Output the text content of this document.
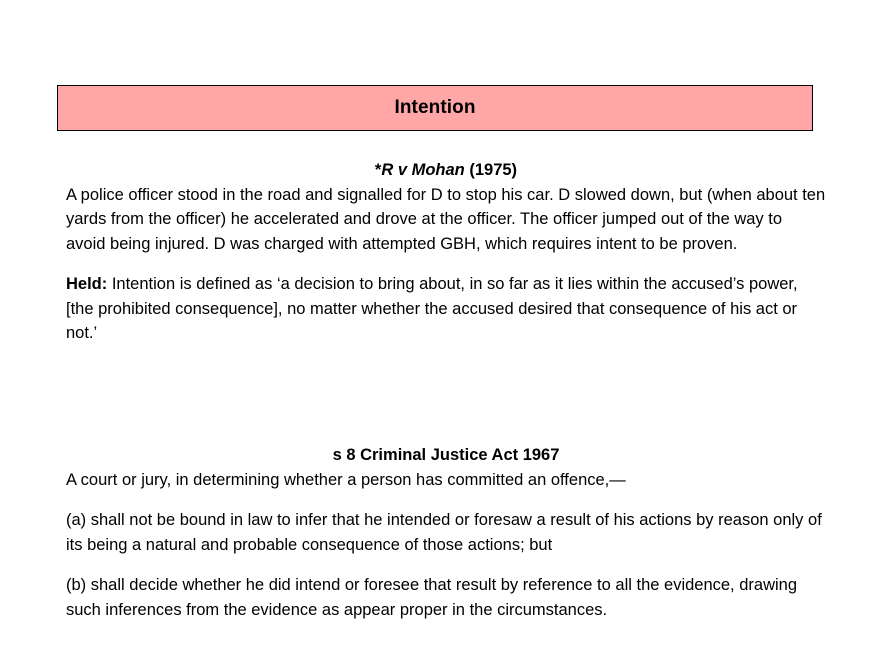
Intention

*R v Mohan (1975)

A police officer stood in the road and signalled for D to stop his car. D slowed down, but (when about ten yards from the officer) he accelerated and drove at the officer. The officer jumped out of the way to avoid being injured. D was charged with attempted GBH, which requires intent to be proven.

Held: Intention is defined as ‘a decision to bring about, in so far as it lies within the accused’s power, [the prohibited consequence], no matter whether the accused desired that consequence of his act or not.’

s 8 Criminal Justice Act 1967

A court or jury, in determining whether a person has committed an offence,—

(a) shall not be bound in law to infer that he intended or foresaw a result of his actions by reason only of its being a natural and probable consequence of those actions; but

(b) shall decide whether he did intend or foresee that result by reference to all the evidence, drawing such inferences from the evidence as appear proper in the circumstances.
